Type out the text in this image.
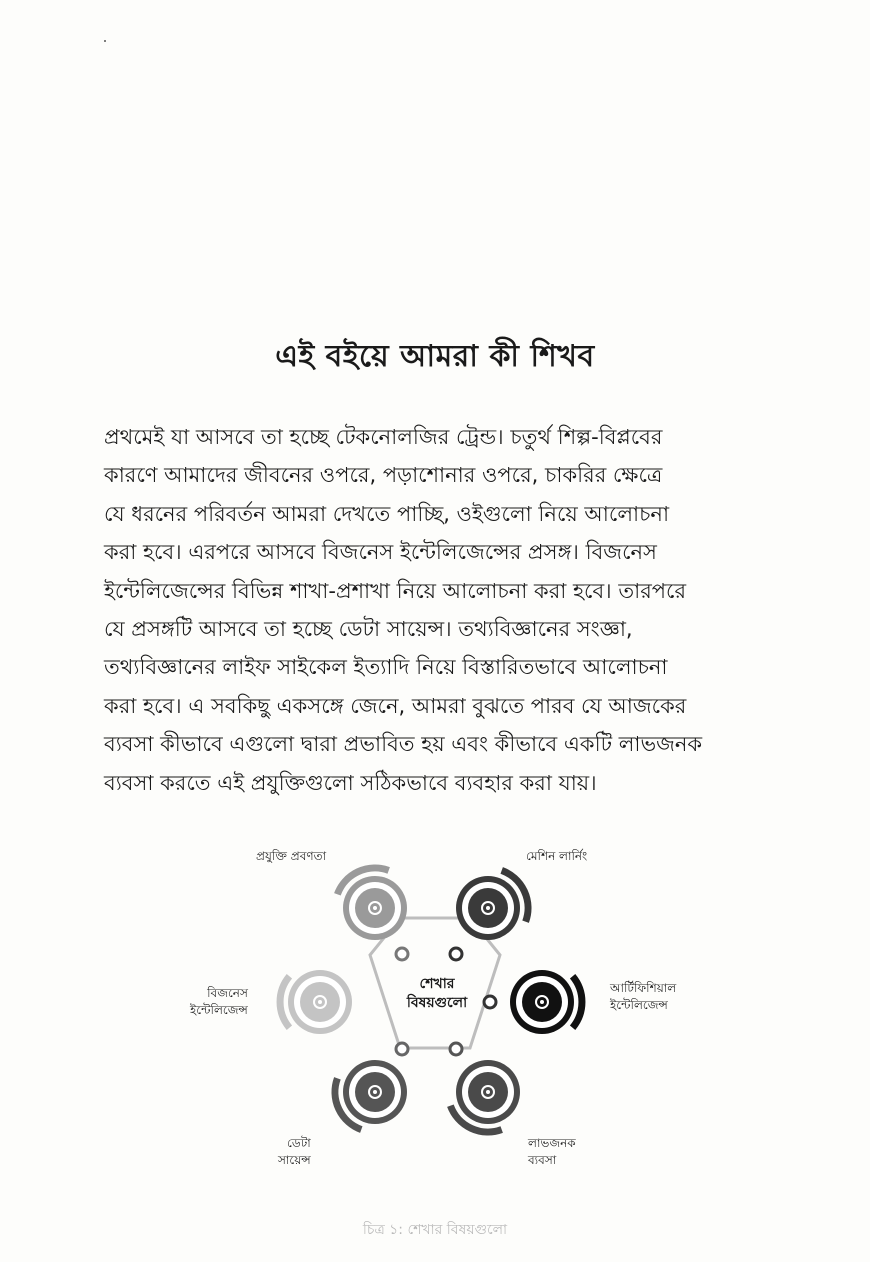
এই বইয়ে আমরা কী শিখব
প্রথমেই যা আসবে তা হচ্ছে টেকনোলজির ট্রেন্ড। চতুর্থ শিল্প-বিপ্লবের
কারণে আমাদের জীবনের ওপরে, পড়াশোনার ওপরে, চাকরির ক্ষেত্রে
যে ধরনের পরিবর্তন আমরা দেখতে পাচ্ছি, ওইগুলো নিয়ে আলোচনা
করা হবে। এরপরে আসবে বিজনেস ইন্টেলিজেন্সের প্রসঙ্গ। বিজনেস
ইন্টেলিজেন্সের বিভিন্ন শাখা-প্রশাখা নিয়ে আলোচনা করা হবে। তারপরে
যে প্রসঙ্গটি আসবে তা হচ্ছে ডেটা সায়েন্স। তথ্যবিজ্ঞানের সংজ্ঞা,
তথ্যবিজ্ঞানের লাইফ সাইকেল ইত্যাদি নিয়ে বিস্তারিতভাবে আলোচনা
করা হবে। এ সবকিছু একসঙ্গে জেনে, আমরা বুঝতে পারব যে আজকের
ব্যবসা কীভাবে এগুলো দ্বারা প্রভাবিত হয় এবং কীভাবে একটি লাভজনক
ব্যবসা করতে এই প্রযুক্তিগুলো সঠিকভাবে ব্যবহার করা যায়।
শেখার
বিষয়গুলো
প্রযুক্তি প্রবণতা	মেশিন লার্নিং
আর্টিফিশিয়াল
ইন্টেলিজেন্স
লাভজনক
ব্যবসা
ডেটা
সায়েন্স
বিজনেস
ইন্টেলিজেন্স
চিত্র ১: শেখার বিষয়গুলো
